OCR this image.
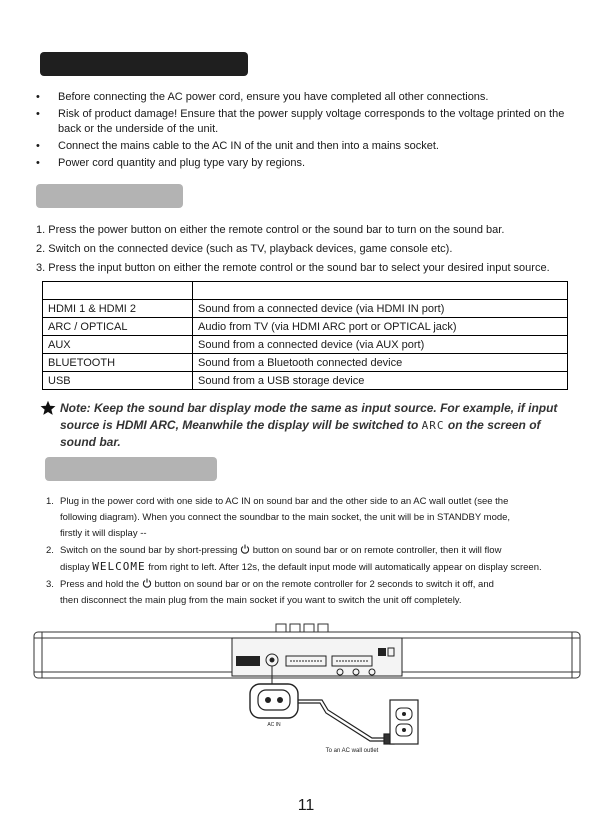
• Before connecting the AC power cord, ensure you have completed all other connections.
• Risk of product damage! Ensure that the power supply voltage corresponds to the voltage printed on the back or the underside of the unit.
• Connect the mains cable to the AC IN of the unit and then into a mains socket.
• Power cord quantity and plug type vary by regions.
1. Press the power button on either the remote control or the sound bar to turn on the sound bar.
2. Switch on the connected device (such as TV, playback devices, game console etc).
3. Press the input button on either the remote control or the sound bar to select your desired input source.

HDMI 1 & HDMI 2	Sound from a connected device (via HDMI IN port)
ARC / OPTICAL	Audio from TV (via HDMI ARC port or OPTICAL jack)
AUX	Sound from a connected device (via AUX port)
BLUETOOTH	Sound from a Bluetooth connected device
USB	Sound from a USB storage device
Note: Keep the sound bar display mode the same as input source. For example, if input
source is HDMI ARC, Meanwhile the display will be switched to ARC on the screen of
sound bar.
1. Plug in the power cord with one side to AC IN on sound bar and the other side to an AC wall outlet (see the
following diagram). When you connect the soundbar to the main socket, the unit will be in STANDBY mode,
firstly it will display --
2. Switch on the sound bar by short-pressing button on sound bar or on remote controller, then it will flow
display WELCOME from right to left. After 12s, the default input mode will automatically appear on display screen.
3. Press and hold the button on sound bar or on the remote controller for 2 seconds to switch it off, and
then disconnect the main plug from the main socket if you want to switch the unit off completely.
AC IN
To an AC wall outlet
11
